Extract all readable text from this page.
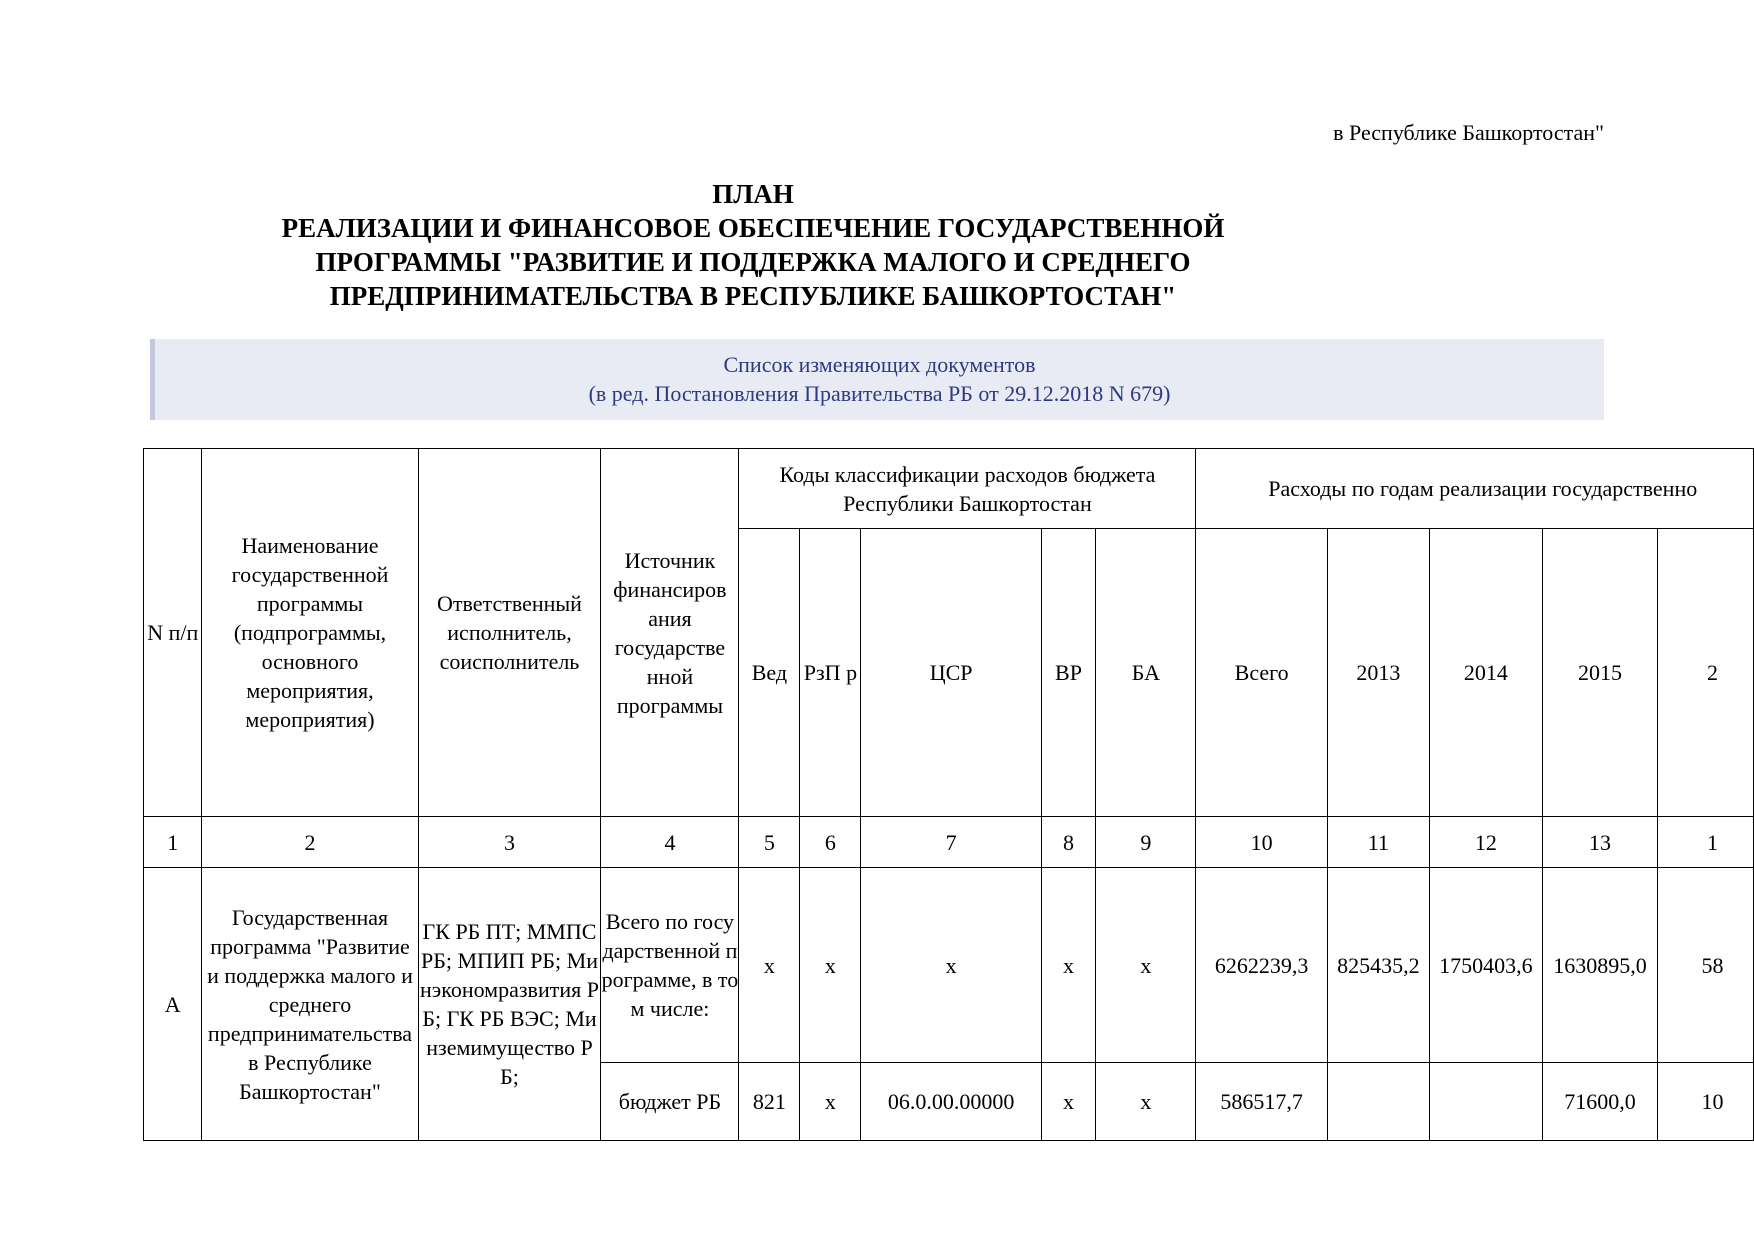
в Республике Башкортостан"
ПЛАН
РЕАЛИЗАЦИИ И ФИНАНСОВОЕ ОБЕСПЕЧЕНИЕ ГОСУДАРСТВЕННОЙ
ПРОГРАММЫ "РАЗВИТИЕ И ПОДДЕРЖКА МАЛОГО И СРЕДНЕГО
ПРЕДПРИНИМАТЕЛЬСТВА В РЕСПУБЛИКЕ БАШКОРТОСТАН"
Список изменяющих документов
(в ред. Постановления Правительства РБ от 29.12.2018 N 679)
N п/п	Наименование государственной программы (подпрограммы, основного мероприятия, мероприятия)	Ответственный исполнитель, соисполнитель	Источник финансиров ания государстве нной программы	Коды классификации расходов бюджета Республики Башкортостан					Расходы по годам реализации государственно				
				Вед	РзП р	ЦСР	ВР	БА	Всего	2013	2014	2015	2
1	2	3	4	5	6	7	8	9	10	11	12	13	1
А	Государственная программа "Развитие и поддержка малого и среднего предпринимательства в Республике Башкортостан"	ГК РБ ПТ; ММПС РБ; МПИП РБ; Минэкономразвития РБ; ГК РБ ВЭС; Минземимущество РБ;	Всего по государственной программе, в том числе:	x	x	x	x	x	6262239,3	825435,2	1750403,6	1630895,0	58
			бюджет РБ	821	x	06.0.00.00000	x	x	586517,7			71600,0	10
